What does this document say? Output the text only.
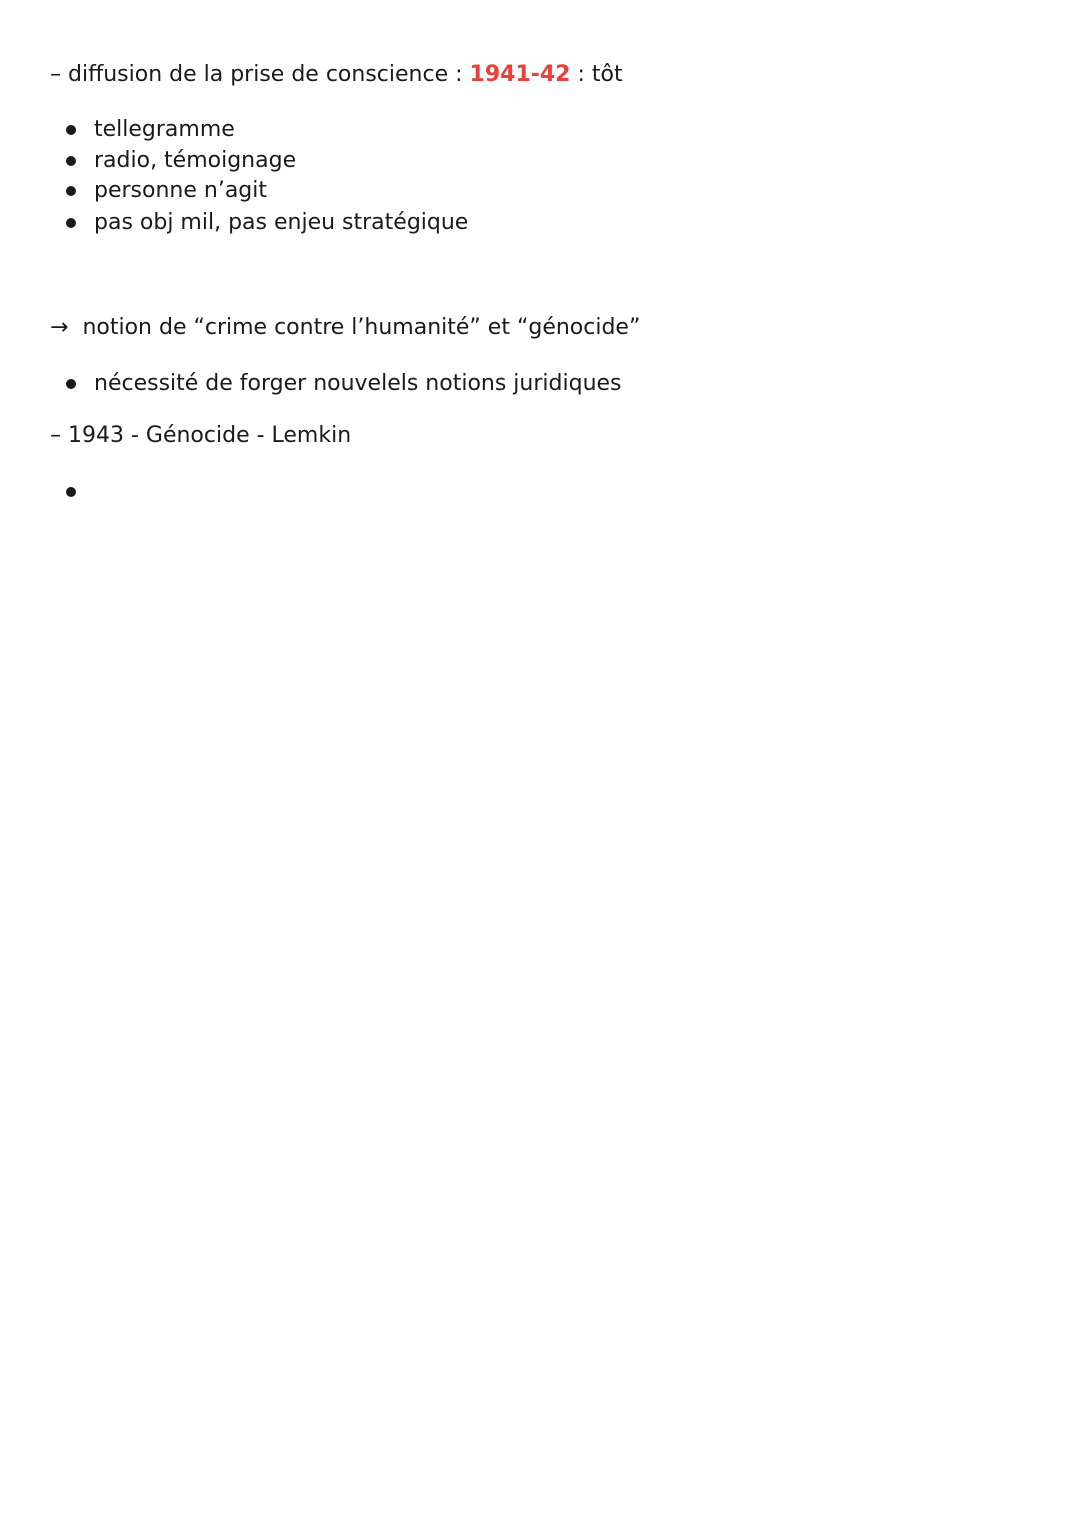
– diffusion de la prise de conscience : 1941-42 : tôt
tellegramme
radio, témoignage
personne n’agit
pas obj mil, pas enjeu stratégique
→ notion de “crime contre l’humanité” et “génocide”
nécessité de forger nouvelels notions juridiques
– 1943 - Génocide - Lemkin
